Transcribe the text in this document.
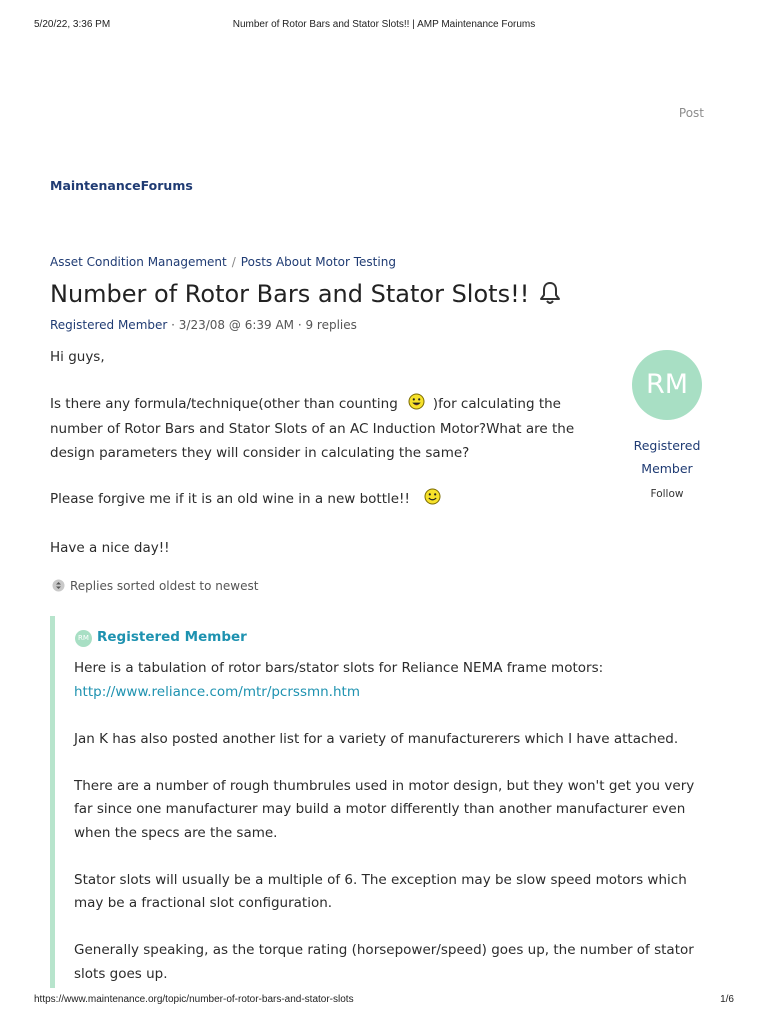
5/20/22, 3:36 PM	Number of Rotor Bars and Stator Slots!! | AMP Maintenance Forums
Post
MaintenanceForums
Asset Condition Management / Posts About Motor Testing
Number of Rotor Bars and Stator Slots!!
Registered Member · 3/23/08 @ 6:39 AM · 9 replies

Hi guys,

Is there any formula/technique(other than counting	)for calculating the number of Rotor Bars and Stator Slots of an AC Induction Motor?What are the design parameters they will consider in calculating the same?

Please forgive me if it is an old wine in a new bottle!!

Have a nice day!!

RM
Registered
Member
Follow
Replies sorted oldest to newest
RM Registered Member

Here is a tabulation of rotor bars/stator slots for Reliance NEMA frame motors:
http://www.reliance.com/mtr/pcrssmn.htm

Jan K has also posted another list for a variety of manufacturerers which I have attached.

There are a number of rough thumbrules used in motor design, but they won't get you very far since one manufacturer may build a motor differently than another manufacturer even when the specs are the same.

Stator slots will usually be a multiple of 6. The exception may be slow speed motors which may be a fractional slot configuration.

Generally speaking, as the torque rating (horsepower/speed) goes up, the number of stator slots goes up.

https://www.maintenance.org/topic/number-of-rotor-bars-and-stator-slots	1/6
